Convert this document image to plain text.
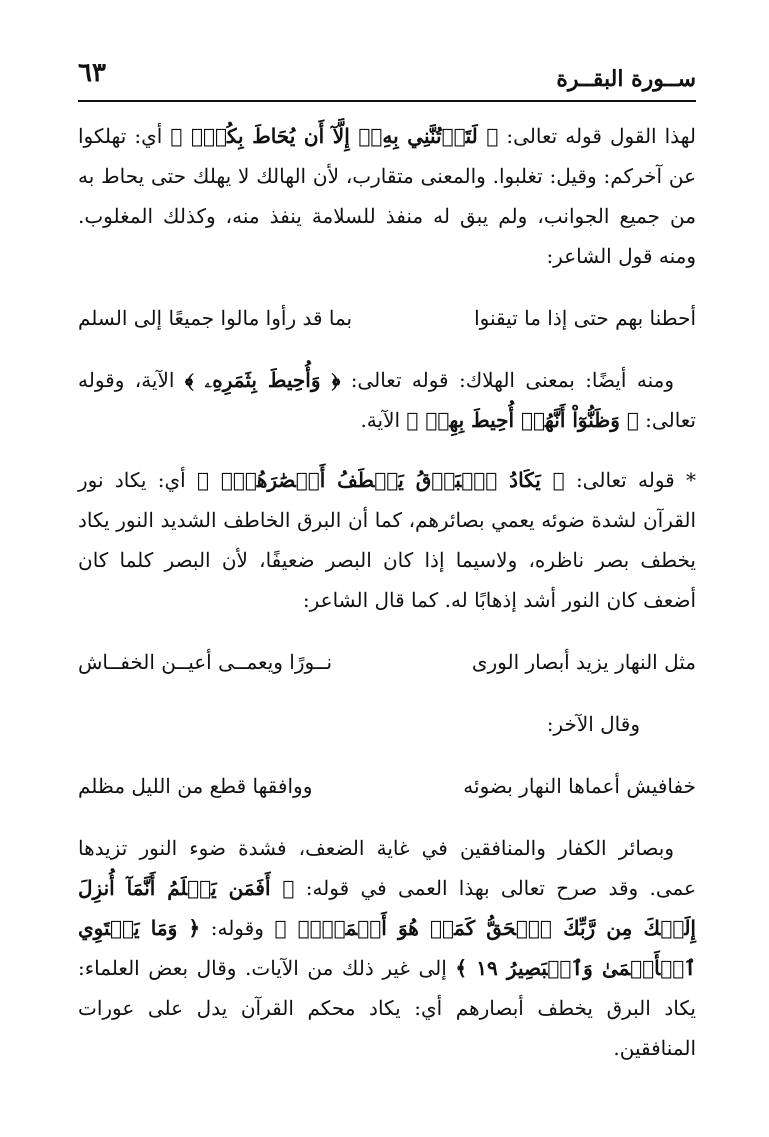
٦٣	ســورة البقــرة

لهذا القول قوله تعالى: ﴿ لَتَأۡتُنَّنِي بِهِۦٓ إِلَّآ أَن يُحَاطَ بِكُمۡۖ ﴾ أي: تهلكوا عن آخركم: وقيل: تغلبوا. والمعنى متقارب، لأن الهالك لا يهلك حتى يحاط به من جميع الجوانب، ولم يبق له منفذ للسلامة ينفذ منه، وكذلك المغلوب. ومنه قول الشاعر:

أحطنا بهم حتى إذا ما تيقنوا
بما قد رأوا مالوا جميعًا إلى السلم

ومنه أيضًا: بمعنى الهلاك: قوله تعالى: ﴿ وَأُحِيطَ بِثَمَرِهِۦ ﴾ الآية، وقوله تعالى: ﴿ وَظَنُّوٓاْ أَنَّهُمۡ أُحِيطَ بِهِمۡ ﴾ الآية.

* قوله تعالى: ﴿ يَكَادُ ٱلۡبَرۡقُ يَخۡطَفُ أَبۡصَٰرَهُمۡۖ ﴾ أي: يكاد نور القرآن لشدة ضوئه يعمي بصائرهم، كما أن البرق الخاطف الشديد النور يكاد يخطف بصر ناظره، ولاسيما إذا كان البصر ضعيفًا، لأن البصر كلما كان أضعف كان النور أشد إذهابًا له. كما قال الشاعر:

مثل النهار يزيد أبصار الورى
نــورًا ويعمــى أعيــن الخفــاش

وقال الآخر:

خفافيش أعماها النهار بضوئه
ووافقها قطع من الليل مظلم

وبصائر الكفار والمنافقين في غاية الضعف، فشدة ضوء النور تزيدها عمى. وقد صرح تعالى بهذا العمى في قوله: ﴿ أَفَمَن يَعۡلَمُ أَنَّمَآ أُنزِلَ إِلَيۡكَ مِن رَّبِّكَ ٱلۡحَقُّ كَمَنۡ هُوَ أَعۡمَىٰٓۚ ﴾ وقوله: ﴿ وَمَا يَسۡتَوِي ٱلۡأَعۡمَىٰ وَٱلۡبَصِيرُ ١٩ ﴾ إلى غير ذلك من الآيات. وقال بعض العلماء: يكاد البرق يخطف أبصارهم أي: يكاد محكم القرآن يدل على عورات المنافقين.
